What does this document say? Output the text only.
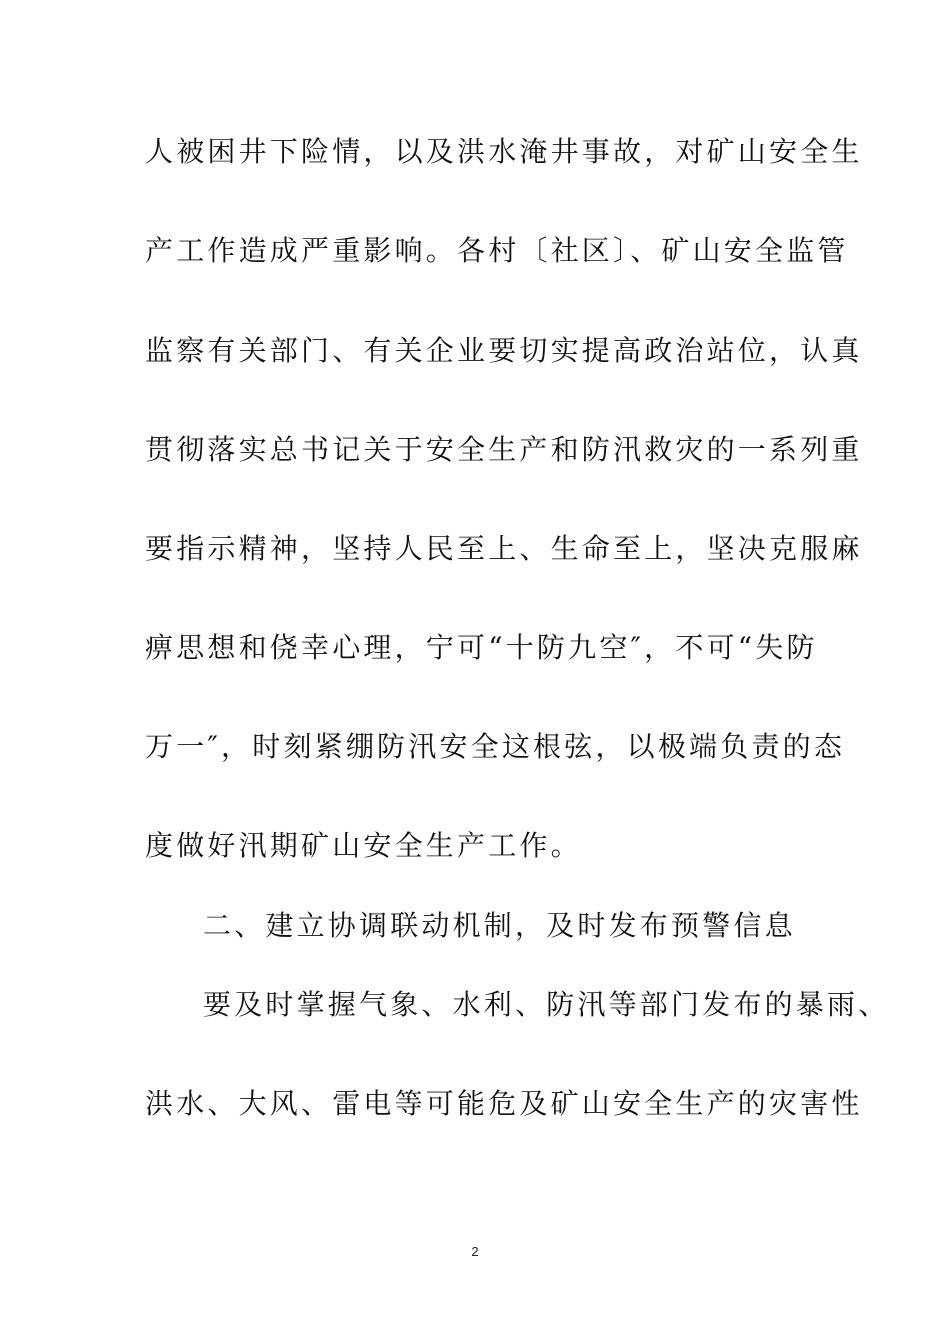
人被困井下险情，以及洪水淹井事故，对矿山安全生
产工作造成严重影响。各村〔社区〕、矿山安全监管
监察有关部门、有关企业要切实提高政治站位，认真
贯彻落实总书记关于安全生产和防汛救灾的一系列重
要指示精神，坚持人民至上、生命至上，坚决克服麻
痹思想和侥幸心理，宁可“十防九空″，不可“失防
万一″，时刻紧绷防汛安全这根弦，以极端负责的态
度做好汛期矿山安全生产工作。
二、建立协调联动机制，及时发布预警信息
要及时掌握气象、水利、防汛等部门发布的暴雨、
洪水、大风、雷电等可能危及矿山安全生产的灾害性
2
